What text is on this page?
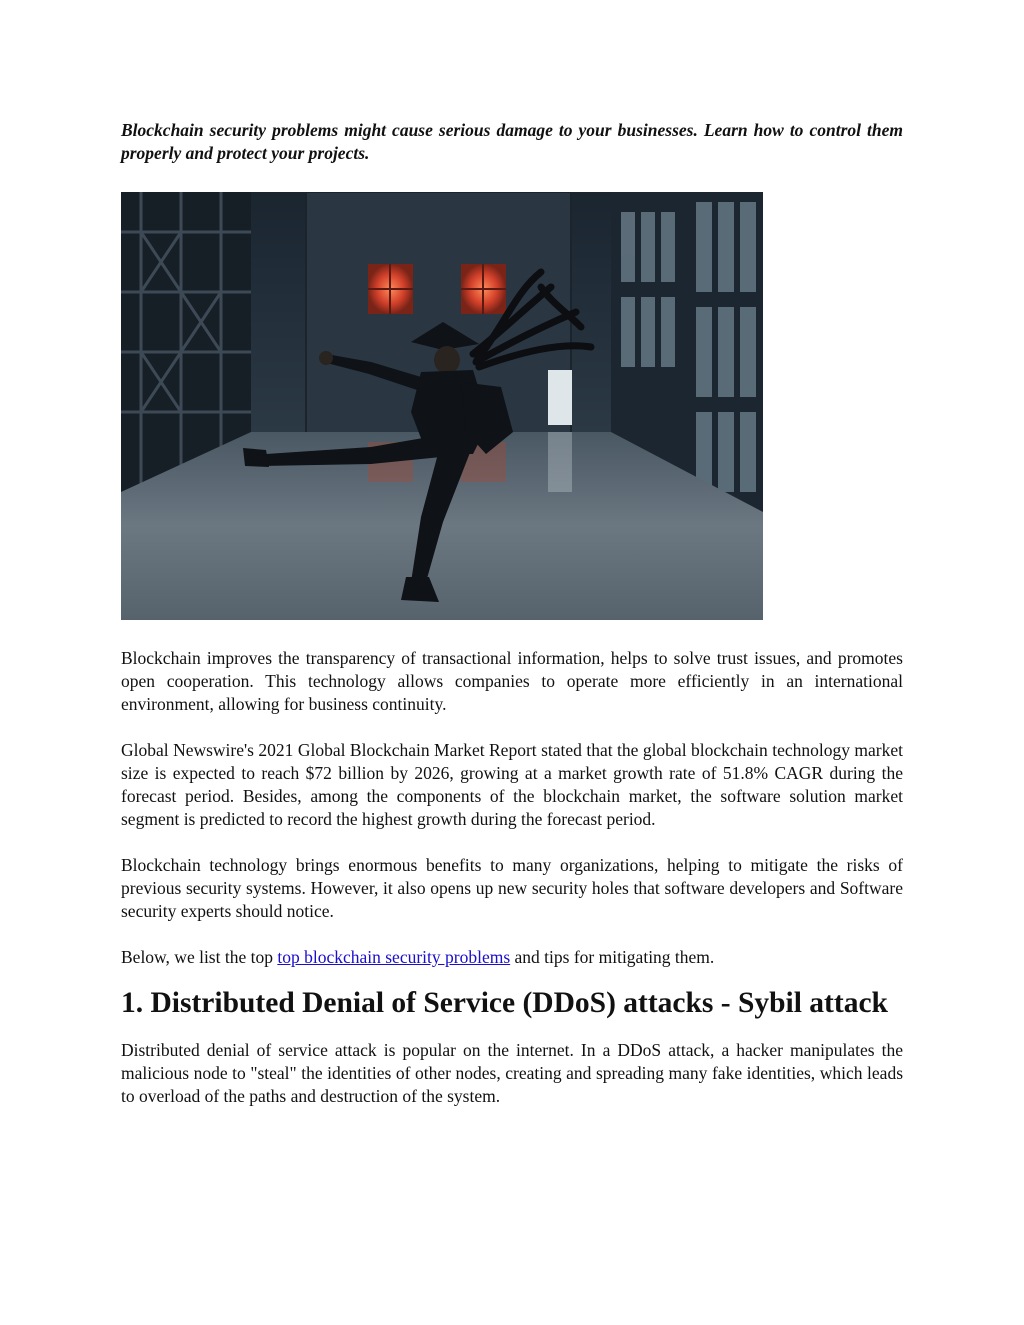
Blockchain security problems might cause serious damage to your businesses. Learn how to control them properly and protect your projects.

Blockchain improves the transparency of transactional information, helps to solve trust issues, and promotes open cooperation. This technology allows companies to operate more efficiently in an international environment, allowing for business continuity.

Global Newswire's 2021 Global Blockchain Market Report stated that the global blockchain technology market size is expected to reach $72 billion by 2026, growing at a market growth rate of 51.8% CAGR during the forecast period. Besides, among the components of the blockchain market, the software solution market segment is predicted to record the highest growth during the forecast period.

Blockchain technology brings enormous benefits to many organizations, helping to mitigate the risks of previous security systems. However, it also opens up new security holes that software developers and Software security experts should notice.

Below, we list the top top blockchain security problems and tips for mitigating them.

1. Distributed Denial of Service (DDoS) attacks - Sybil attack

Distributed denial of service attack is popular on the internet. In a DDoS attack, a hacker manipulates the malicious node to "steal" the identities of other nodes, creating and spreading many fake identities, which leads to overload of the paths and destruction of the system.
